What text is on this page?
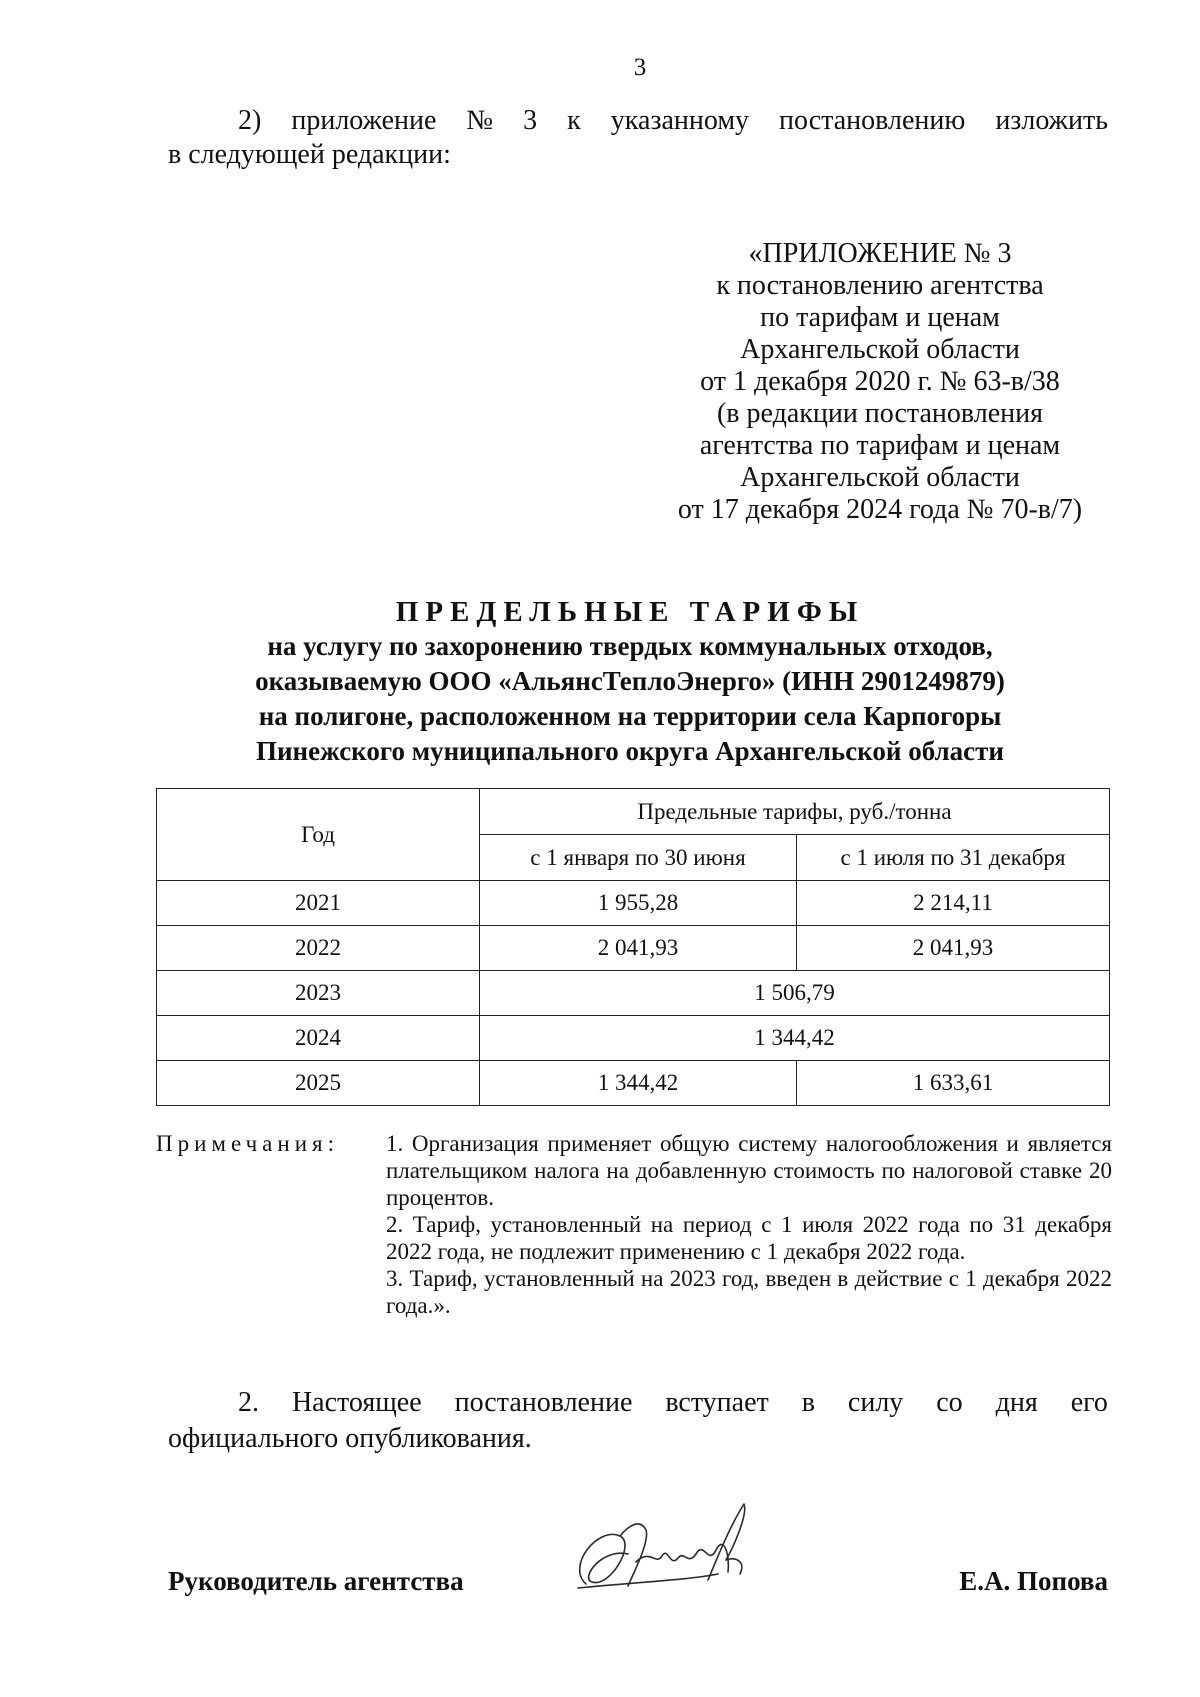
3
2) приложение № 3 к указанному постановлению изложить
в следующей редакции:
«ПРИЛОЖЕНИЕ № 3
к постановлению агентства
по тарифам и ценам
Архангельской области
от 1 декабря 2020 г. № 63-в/38
(в редакции постановления
агентства по тарифам и ценам
Архангельской области
от 17 декабря 2024 года № 70-в/7)
ПРЕДЕЛЬНЫЕ ТАРИФЫ
на услугу по захоронению твердых коммунальных отходов,
оказываемую ООО «АльянсТеплоЭнерго» (ИНН 2901249879)
на полигоне, расположенном на территории села Карпогоры
Пинежского муниципального округа Архангельской области
Год	Предельные тарифы, руб./тонна	
	с 1 января по 30 июня	с 1 июля по 31 декабря
2021	1 955,28	2 214,11
2022	2 041,93	2 041,93
2023	1 506,79	
2024	1 344,42	
2025	1 344,42	1 633,61
Примечания: 1. Организация применяет общую систему налогообложения и является плательщиком налога на добавленную стоимость по налоговой ставке 20 процентов.
2. Тариф, установленный на период с 1 июля 2022 года по 31 декабря 2022 года, не подлежит применению с 1 декабря 2022 года.
3. Тариф, установленный на 2023 год, введен в действие с 1 декабря 2022 года.».
2. Настоящее постановление вступает в силу со дня его
официального опубликования.
Руководитель агентства	Е.А. Попова
